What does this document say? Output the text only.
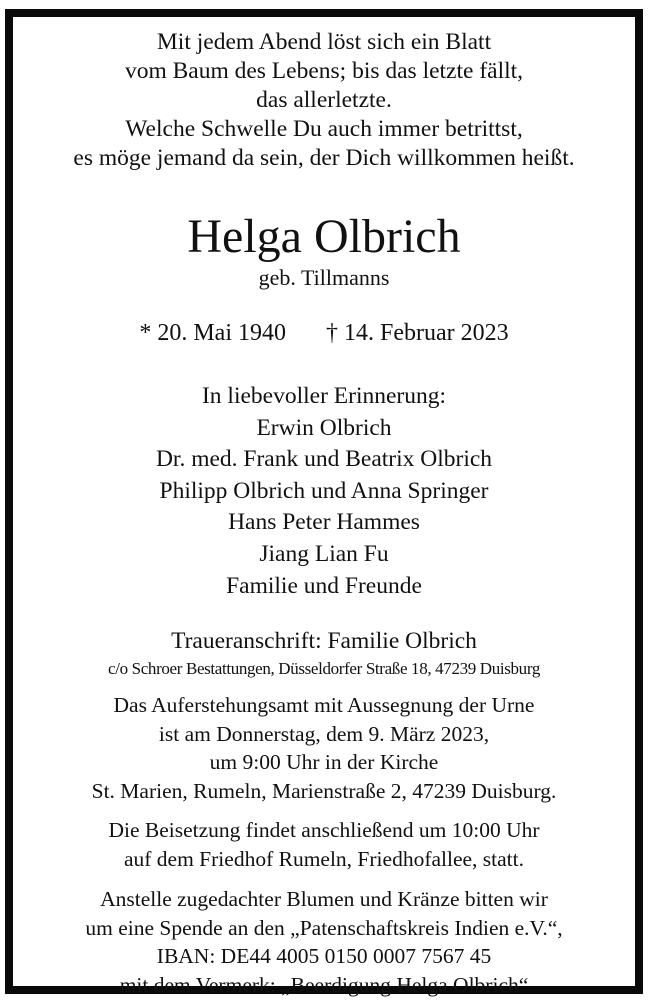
Mit jedem Abend löst sich ein Blatt
vom Baum des Lebens; bis das letzte fällt,
das allerletzte.
Welche Schwelle Du auch immer betrittst,
es möge jemand da sein, der Dich willkommen heißt.
Helga Olbrich
geb. Tillmanns
* 20. Mai 1940 † 14. Februar 2023
In liebevoller Erinnerung:
Erwin Olbrich
Dr. med. Frank und Beatrix Olbrich
Philipp Olbrich und Anna Springer
Hans Peter Hammes
Jiang Lian Fu
Familie und Freunde
Traueranschrift: Familie Olbrich
c/o Schroer Bestattungen, Düsseldorfer Straße 18, 47239 Duisburg
Das Auferstehungsamt mit Aussegnung der Urne
ist am Donnerstag, dem 9. März 2023,
um 9:00 Uhr in der Kirche
St. Marien, Rumeln, Marienstraße 2, 47239 Duisburg.
Die Beisetzung findet anschließend um 10:00 Uhr
auf dem Friedhof Rumeln, Friedhofallee, statt.
Anstelle zugedachter Blumen und Kränze bitten wir
um eine Spende an den „Patenschaftskreis Indien e.V.“,
IBAN: DE44 4005 0150 0007 7567 45
mit dem Vermerk: „Beerdigung Helga Olbrich“
